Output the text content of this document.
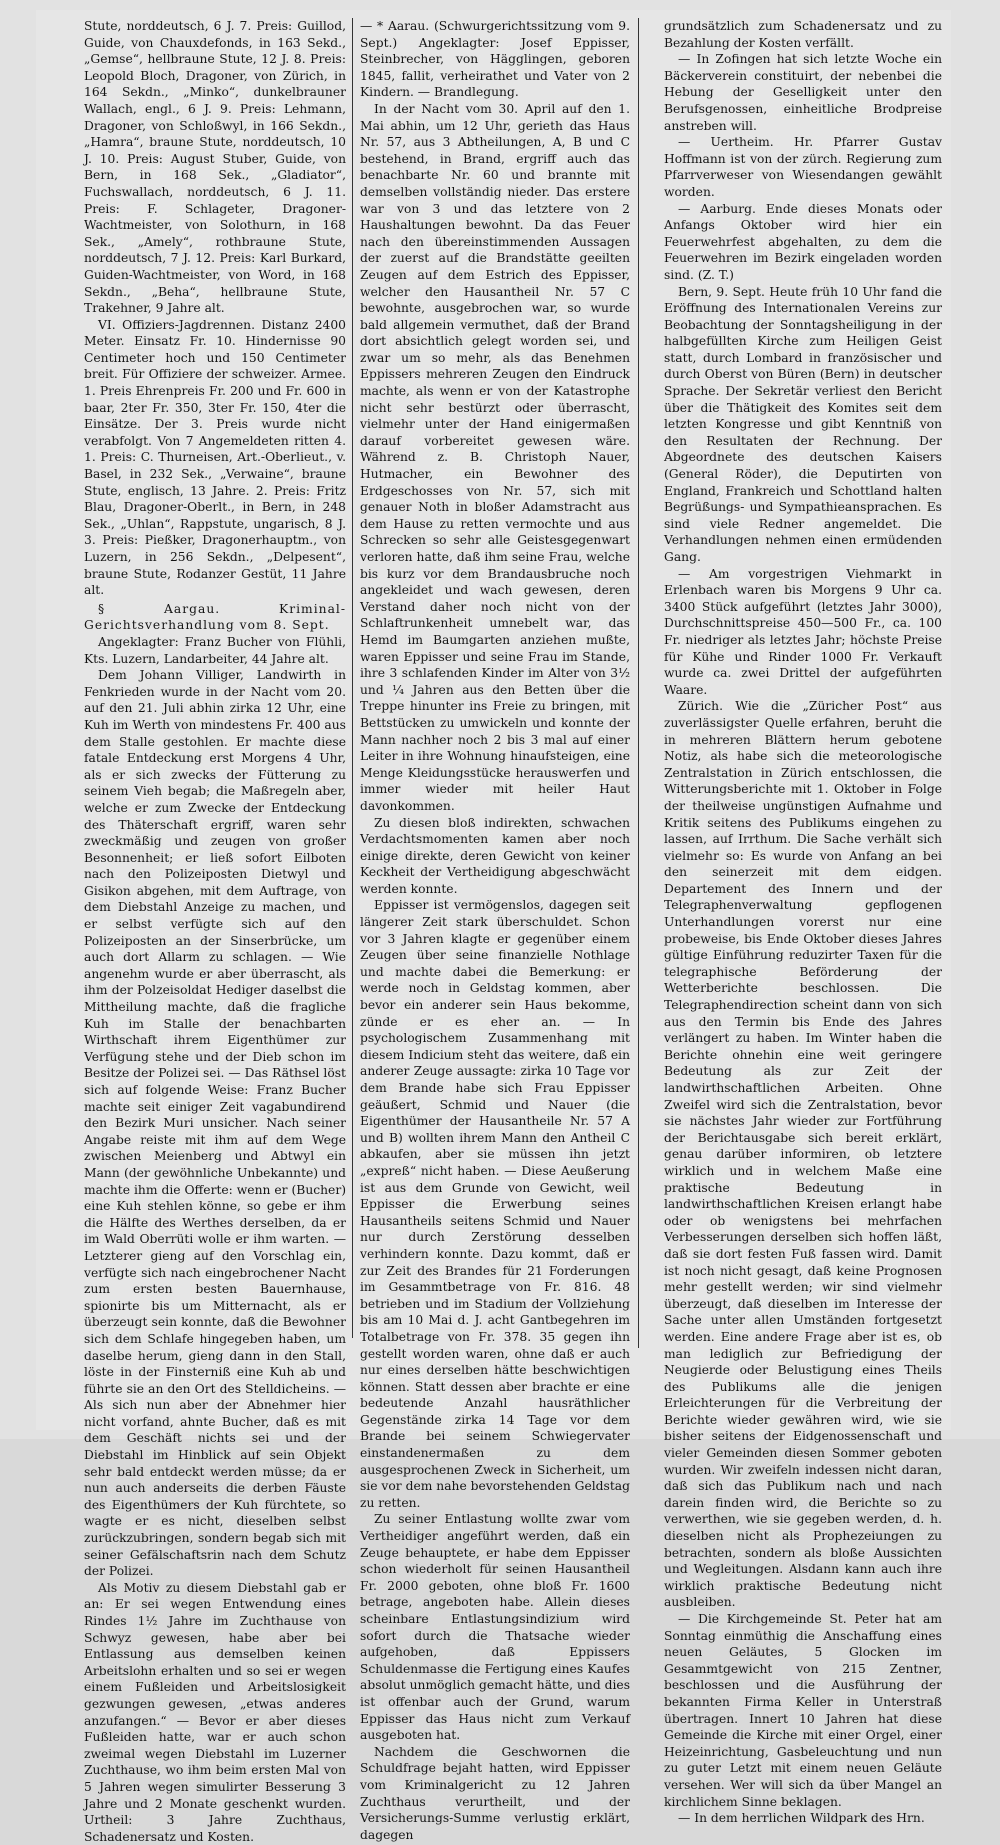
Stute, norddeutsch, 6 J. 7. Preis: Guillod, Guide, von Chauxdefonds, in 163 Sekd., „Gemse“, hellbraune Stute, 12 J. 8. Preis: Leopold Bloch, Dragoner, von Zürich, in 164 Sekdn., „Minko“, dunkelbrauner Wallach, engl., 6 J. 9. Preis: Lehmann, Dragoner, von Schloßwyl, in 166 Sekdn., „Hamra“, braune Stute, norddeutsch, 10 J. 10. Preis: August Stuber, Guide, von Bern, in 168 Sek., „Gladiator“, Fuchswallach, norddeutsch, 6 J. 11. Preis: F. Schlageter, Dragoner-Wachtmeister, von Solothurn, in 168 Sek., „Amely“, rothbraune Stute, norddeutsch, 7 J. 12. Preis: Karl Burkard, Guiden-Wachtmeister, von Word, in 168 Sekdn., „Beha“, hellbraune Stute, Trakehner, 9 Jahre alt.

VI. Offiziers-Jagdrennen. Distanz 2400 Meter. Einsatz Fr. 10. Hindernisse 90 Centimeter hoch und 150 Centimeter breit. Für Offiziere der schweizer. Armee. 1. Preis Ehrenpreis Fr. 200 und Fr. 600 in baar, 2ter Fr. 350, 3ter Fr. 150, 4ter die Einsätze. Der 3. Preis wurde nicht verabfolgt. Von 7 Angemeldeten ritten 4. 1. Preis: C. Thurneisen, Art.-Oberlieut., v. Basel, in 232 Sek., „Verwaine“, braune Stute, englisch, 13 Jahre. 2. Preis: Fritz Blau, Dragoner-Oberlt., in Bern, in 248 Sek., „Uhlan“, Rappstute, ungarisch, 8 J. 3. Preis: Pießker, Dragonerhauptm., von Luzern, in 256 Sekdn., „Delpesent“, braune Stute, Rodanzer Gestüt, 11 Jahre alt.

§ Aargau. Kriminal-Gerichtsverhandlung vom 8. Sept.

Angeklagter: Franz Bucher von Flühli, Kts. Luzern, Landarbeiter, 44 Jahre alt.

Dem Johann Villiger, Landwirth in Fenkrieden wurde in der Nacht vom 20. auf den 21. Juli abhin zirka 12 Uhr, eine Kuh im Werth von mindestens Fr. 400 aus dem Stalle gestohlen. Er machte diese fatale Entdeckung erst Morgens 4 Uhr, als er sich zwecks der Fütterung zu seinem Vieh begab; die Maßregeln aber, welche er zum Zwecke der Entdeckung des Thäterschaft ergriff, waren sehr zweckmäßig und zeugen von großer Besonnenheit; er ließ sofort Eilboten nach den Polizeiposten Dietwyl und Gisikon abgehen, mit dem Auftrage, von dem Diebstahl Anzeige zu machen, und er selbst verfügte sich auf den Polizeiposten an der Sinserbrücke, um auch dort Allarm zu schlagen. — Wie angenehm wurde er aber überrascht, als ihm der Polzeisoldat Hediger daselbst die Mittheilung machte, daß die fragliche Kuh im Stalle der benachbarten Wirthschaft ihrem Eigenthümer zur Verfügung stehe und der Dieb schon im Besitze der Polizei sei. — Das Räthsel löst sich auf folgende Weise: Franz Bucher machte seit einiger Zeit vagabundirend den Bezirk Muri unsicher. Nach seiner Angabe reiste mit ihm auf dem Wege zwischen Meienberg und Abtwyl ein Mann (der gewöhnliche Unbekannte) und machte ihm die Offerte: wenn er (Bucher) eine Kuh stehlen könne, so gebe er ihm die Hälfte des Werthes derselben, da er im Wald Oberrüti wolle er ihm warten. — Letzterer gieng auf den Vorschlag ein, verfügte sich nach eingebrochener Nacht zum ersten besten Bauernhause, spionirte bis um Mitternacht, als er überzeugt sein konnte, daß die Bewohner sich dem Schlafe hingegeben haben, um daselbe herum, gieng dann in den Stall, löste in der Finsterniß eine Kuh ab und führte sie an den Ort des Stelldicheins. — Als sich nun aber der Abnehmer hier nicht vorfand, ahnte Bucher, daß es mit dem Geschäft nichts sei und der Diebstahl im Hinblick auf sein Objekt sehr bald entdeckt werden müsse; da er nun auch anderseits die derben Fäuste des Eigenthümers der Kuh fürchtete, so wagte er es nicht, dieselben selbst zurückzubringen, sondern begab sich mit seiner Gefälschaftsrin nach dem Schutz der Polizei.

Als Motiv zu diesem Diebstahl gab er an: Er sei wegen Entwendung eines Rindes 1½ Jahre im Zuchthause von Schwyz gewesen, habe aber bei Entlassung aus demselben keinen Arbeitslohn erhalten und so sei er wegen einem Fußleiden und Arbeitslosigkeit gezwungen gewesen, „etwas anderes anzufangen.“ — Bevor er aber dieses Fußleiden hatte, war er auch schon zweimal wegen Diebstahl im Luzerner Zuchthause, wo ihm beim ersten Mal von 5 Jahren wegen simulirter Besserung 3 Jahre und 2 Monate geschenkt wurden. Urtheil: 3 Jahre Zuchthaus, Schadenersatz und Kosten.

— * Aarau. (Schwurgerichtssitzung vom 9. Sept.) Angeklagter: Josef Eppisser, Steinbrecher, von Hägglingen, geboren 1845, fallit, verheirathet und Vater von 2 Kindern. — Brandlegung.

In der Nacht vom 30. April auf den 1. Mai abhin, um 12 Uhr, gerieth das Haus Nr. 57, aus 3 Abtheilungen, A, B und C bestehend, in Brand, ergriff auch das benachbarte Nr. 60 und brannte mit demselben vollständig nieder. Das erstere war von 3 und das letztere von 2 Haushaltungen bewohnt. Da das Feuer nach den übereinstimmenden Aussagen der zuerst auf die Brandstätte geeilten Zeugen auf dem Estrich des Eppisser, welcher den Hausantheil Nr. 57 C bewohnte, ausgebrochen war, so wurde bald allgemein vermuthet, daß der Brand dort absichtlich gelegt worden sei, und zwar um so mehr, als das Benehmen Eppissers mehreren Zeugen den Eindruck machte, als wenn er von der Katastrophe nicht sehr bestürzt oder überrascht, vielmehr unter der Hand einigermaßen darauf vorbereitet gewesen wäre. Während z. B. Christoph Nauer, Hutmacher, ein Bewohner des Erdgeschosses von Nr. 57, sich mit genauer Noth in bloßer Adamstracht aus dem Hause zu retten vermochte und aus Schrecken so sehr alle Geistesgegenwart verloren hatte, daß ihm seine Frau, welche bis kurz vor dem Brandausbruche noch angekleidet und wach gewesen, deren Verstand daher noch nicht von der Schlaftrunkenheit umnebelt war, das Hemd im Baumgarten anziehen mußte, waren Eppisser und seine Frau im Stande, ihre 3 schlafenden Kinder im Alter von 3½ und ¼ Jahren aus den Betten über die Treppe hinunter ins Freie zu bringen, mit Bettstücken zu umwickeln und konnte der Mann nachher noch 2 bis 3 mal auf einer Leiter in ihre Wohnung hinaufsteigen, eine Menge Kleidungsstücke herauswerfen und immer wieder mit heiler Haut davonkommen.

Zu diesen bloß indirekten, schwachen Verdachtsmomenten kamen aber noch einige direkte, deren Gewicht von keiner Keckheit der Vertheidigung abgeschwächt werden konnte.

Eppisser ist vermögenslos, dagegen seit längerer Zeit stark überschuldet. Schon vor 3 Jahren klagte er gegenüber einem Zeugen über seine finanzielle Nothlage und machte dabei die Bemerkung: er werde noch in Geldstag kommen, aber bevor ein anderer sein Haus bekomme, zünde er es eher an. — In psychologischem Zusammenhang mit diesem Indicium steht das weitere, daß ein anderer Zeuge aussagte: zirka 10 Tage vor dem Brande habe sich Frau Eppisser geäußert, Schmid und Nauer (die Eigenthümer der Hausantheile Nr. 57 A und B) wollten ihrem Mann den Antheil C abkaufen, aber sie müssen ihn jetzt „expreß“ nicht haben. — Diese Aeußerung ist aus dem Grunde von Gewicht, weil Eppisser die Erwerbung seines Hausantheils seitens Schmid und Nauer nur durch Zerstörung desselben verhindern konnte. Dazu kommt, daß er zur Zeit des Brandes für 21 Forderungen im Gesammtbetrage von Fr. 816. 48 betrieben und im Stadium der Vollziehung bis am 10 Mai d. J. acht Gantbegehren im Totalbetrage von Fr. 378. 35 gegen ihn gestellt worden waren, ohne daß er auch nur eines derselben hätte beschwichtigen können. Statt dessen aber brachte er eine bedeutende Anzahl hausräthlicher Gegenstände zirka 14 Tage vor dem Brande bei seinem Schwiegervater einstandenermaßen zu dem ausgesprochenen Zweck in Sicherheit, um sie vor dem nahe bevorstehenden Geldstag zu retten.

Zu seiner Entlastung wollte zwar vom Vertheidiger angeführt werden, daß ein Zeuge behauptete, er habe dem Eppisser schon wiederholt für seinen Hausantheil Fr. 2000 geboten, ohne bloß Fr. 1600 betrage, angeboten habe. Allein dieses scheinbare Entlastungsindizium wird sofort durch die Thatsache wieder aufgehoben, daß Eppissers Schuldenmasse die Fertigung eines Kaufes absolut unmöglich gemacht hätte, und dies ist offenbar auch der Grund, warum Eppisser das Haus nicht zum Verkauf ausgeboten hat.

Nachdem die Geschwornen die Schuldfrage bejaht hatten, wird Eppisser vom Kriminalgericht zu 12 Jahren Zuchthaus verurtheilt, und der Versicherungs-Summe verlustig erklärt, dagegen

grundsätzlich zum Schadenersatz und zu Bezahlung der Kosten verfällt.

— In Zofingen hat sich letzte Woche ein Bäckerverein constituirt, der nebenbei die Hebung der Geselligkeit unter den Berufsgenossen, einheitliche Brodpreise anstreben will.

— Uertheim. Hr. Pfarrer Gustav Hoffmann ist von der zürch. Regierung zum Pfarrverweser von Wiesendangen gewählt worden.

— Aarburg. Ende dieses Monats oder Anfangs Oktober wird hier ein Feuerwehrfest abgehalten, zu dem die Feuerwehren im Bezirk eingeladen worden sind. (Z. T.)

Bern, 9. Sept. Heute früh 10 Uhr fand die Eröffnung des Internationalen Vereins zur Beobachtung der Sonntagsheiligung in der halbgefüllten Kirche zum Heiligen Geist statt, durch Lombard in französischer und durch Oberst von Büren (Bern) in deutscher Sprache. Der Sekretär verliest den Bericht über die Thätigkeit des Komites seit dem letzten Kongresse und gibt Kenntniß von den Resultaten der Rechnung. Der Abgeordnete des deutschen Kaisers (General Röder), die Deputirten von England, Frankreich und Schottland halten Begrüßungs- und Sympathieansprachen. Es sind viele Redner angemeldet. Die Verhandlungen nehmen einen ermüdenden Gang.

— Am vorgestrigen Viehmarkt in Erlenbach waren bis Morgens 9 Uhr ca. 3400 Stück aufgeführt (letztes Jahr 3000), Durchschnittspreise 450—500 Fr., ca. 100 Fr. niedriger als letztes Jahr; höchste Preise für Kühe und Rinder 1000 Fr. Verkauft wurde ca. zwei Drittel der aufgeführten Waare.

Zürich. Wie die „Züricher Post“ aus zuverlässigster Quelle erfahren, beruht die in mehreren Blättern herum gebotene Notiz, als habe sich die meteorologische Zentralstation in Zürich entschlossen, die Witterungsberichte mit 1. Oktober in Folge der theilweise ungünstigen Aufnahme und Kritik seitens des Publikums eingehen zu lassen, auf Irrthum. Die Sache verhält sich vielmehr so: Es wurde von Anfang an bei den seinerzeit mit dem eidgen. Departement des Innern und der Telegraphenverwaltung gepflogenen Unterhandlungen vorerst nur eine probeweise, bis Ende Oktober dieses Jahres gültige Einführung reduzirter Taxen für die telegraphische Beförderung der Wetterberichte beschlossen. Die Telegraphendirection scheint dann von sich aus den Termin bis Ende des Jahres verlängert zu haben. Im Winter haben die Berichte ohnehin eine weit geringere Bedeutung als zur Zeit der landwirthschaftlichen Arbeiten. Ohne Zweifel wird sich die Zentralstation, bevor sie nächstes Jahr wieder zur Fortführung der Berichtausgabe sich bereit erklärt, genau darüber informiren, ob letztere wirklich und in welchem Maße eine praktische Bedeutung in landwirthschaftlichen Kreisen erlangt habe oder ob wenigstens bei mehrfachen Verbesserungen derselben sich hoffen läßt, daß sie dort festen Fuß fassen wird. Damit ist noch nicht gesagt, daß keine Prognosen mehr gestellt werden; wir sind vielmehr überzeugt, daß dieselben im Interesse der Sache unter allen Umständen fortgesetzt werden. Eine andere Frage aber ist es, ob man lediglich zur Befriedigung der Neugierde oder Belustigung eines Theils des Publikums alle die jenigen Erleichterungen für die Verbreitung der Berichte wieder gewähren wird, wie sie bisher seitens der Eidgenossenschaft und vieler Gemeinden diesen Sommer geboten wurden. Wir zweifeln indessen nicht daran, daß sich das Publikum nach und nach darein finden wird, die Berichte so zu verwerthen, wie sie gegeben werden, d. h. dieselben nicht als Prophezeiungen zu betrachten, sondern als bloße Aussichten und Wegleitungen. Alsdann kann auch ihre wirklich praktische Bedeutung nicht ausbleiben.

— Die Kirchgemeinde St. Peter hat am Sonntag einmüthig die Anschaffung eines neuen Geläutes, 5 Glocken im Gesammtgewicht von 215 Zentner, beschlossen und die Ausführung der bekannten Firma Keller in Unterstraß übertragen. Innert 10 Jahren hat diese Gemeinde die Kirche mit einer Orgel, einer Heizeinrichtung, Gasbeleuchtung und nun zu guter Letzt mit einem neuen Geläute versehen. Wer will sich da über Mangel an kirchlichem Sinne beklagen.

— In dem herrlichen Wildpark des Hrn.
